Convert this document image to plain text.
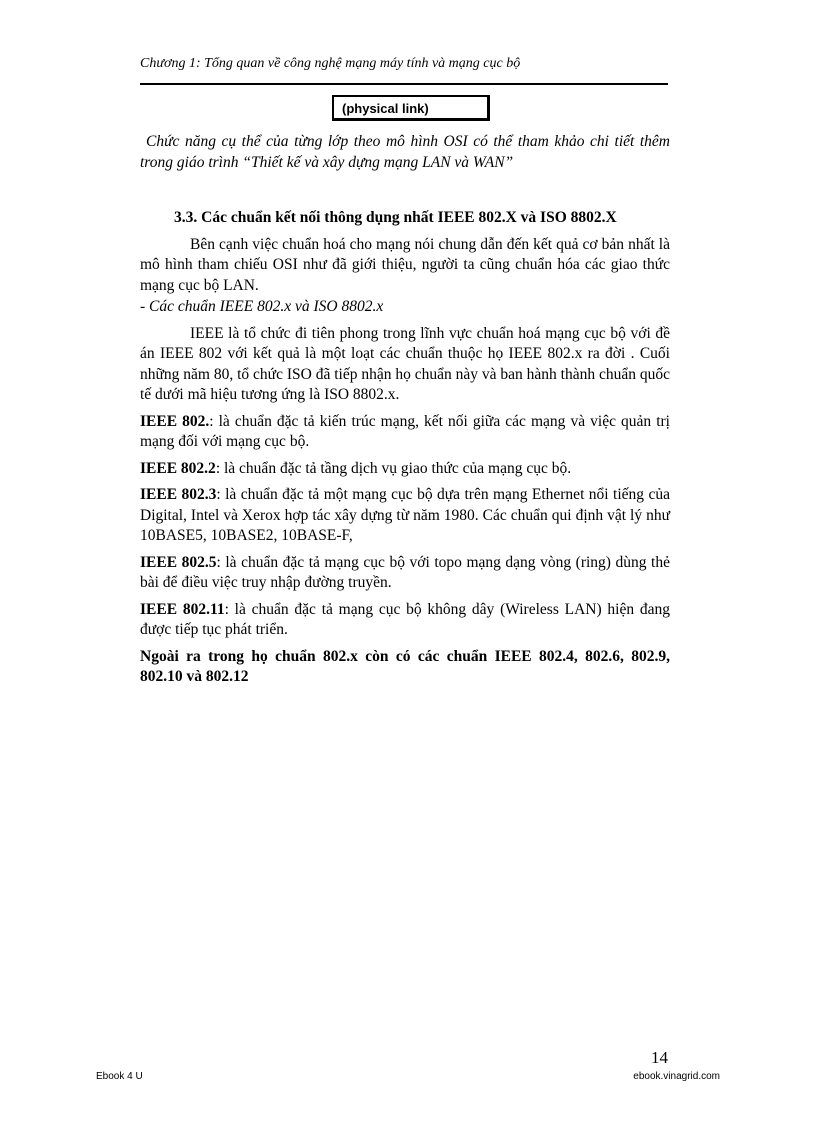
Chương 1: Tổng quan về công nghệ mạng máy tính và mạng cục bộ
(physical link)

Chức năng cụ thể của từng lớp theo mô hình OSI có thể tham khảo chi tiết thêm trong giáo trình “Thiết kế và xây dựng mạng LAN và WAN”

3.3. Các chuẩn kết nối thông dụng nhất IEEE 802.X và ISO 8802.X

Bên cạnh việc chuẩn hoá cho mạng nói chung dẫn đến kết quả cơ bản nhất là mô hình tham chiếu OSI như đã giới thiệu, người ta cũng chuẩn hóa các giao thức mạng cục bộ LAN.

- Các chuẩn IEEE 802.x và ISO 8802.x

IEEE là tổ chức đi tiên phong trong lĩnh vực chuẩn hoá mạng cục bộ với đề án IEEE 802 với kết quả là một loạt các chuẩn thuộc họ IEEE 802.x ra đời . Cuối những năm 80, tổ chức ISO đã tiếp nhận họ chuẩn này và ban hành thành chuẩn quốc tế dưới mã hiệu tương ứng là ISO 8802.x.

IEEE 802.: là chuẩn đặc tả kiến trúc mạng, kết nối giữa các mạng và việc quản trị mạng đối với mạng cục bộ.

IEEE 802.2: là chuẩn đặc tả tầng dịch vụ giao thức của mạng cục bộ.

IEEE 802.3: là chuẩn đặc tả một mạng cục bộ dựa trên mạng Ethernet nổi tiếng của Digital, Intel và Xerox hợp tác xây dựng từ năm 1980. Các chuẩn qui định vật lý như 10BASE5, 10BASE2, 10BASE-F,

IEEE 802.5: là chuẩn đặc tả mạng cục bộ với topo mạng dạng vòng (ring) dùng thẻ bài để điều việc truy nhập đường truyền.

IEEE 802.11: là chuẩn đặc tả mạng cục bộ không dây (Wireless LAN) hiện đang được tiếp tục phát triển.

Ngoài ra trong họ chuẩn 802.x còn có các chuẩn IEEE 802.4, 802.6, 802.9, 802.10 và 802.12

14
Ebook 4 U	ebook.vinagrid.com
